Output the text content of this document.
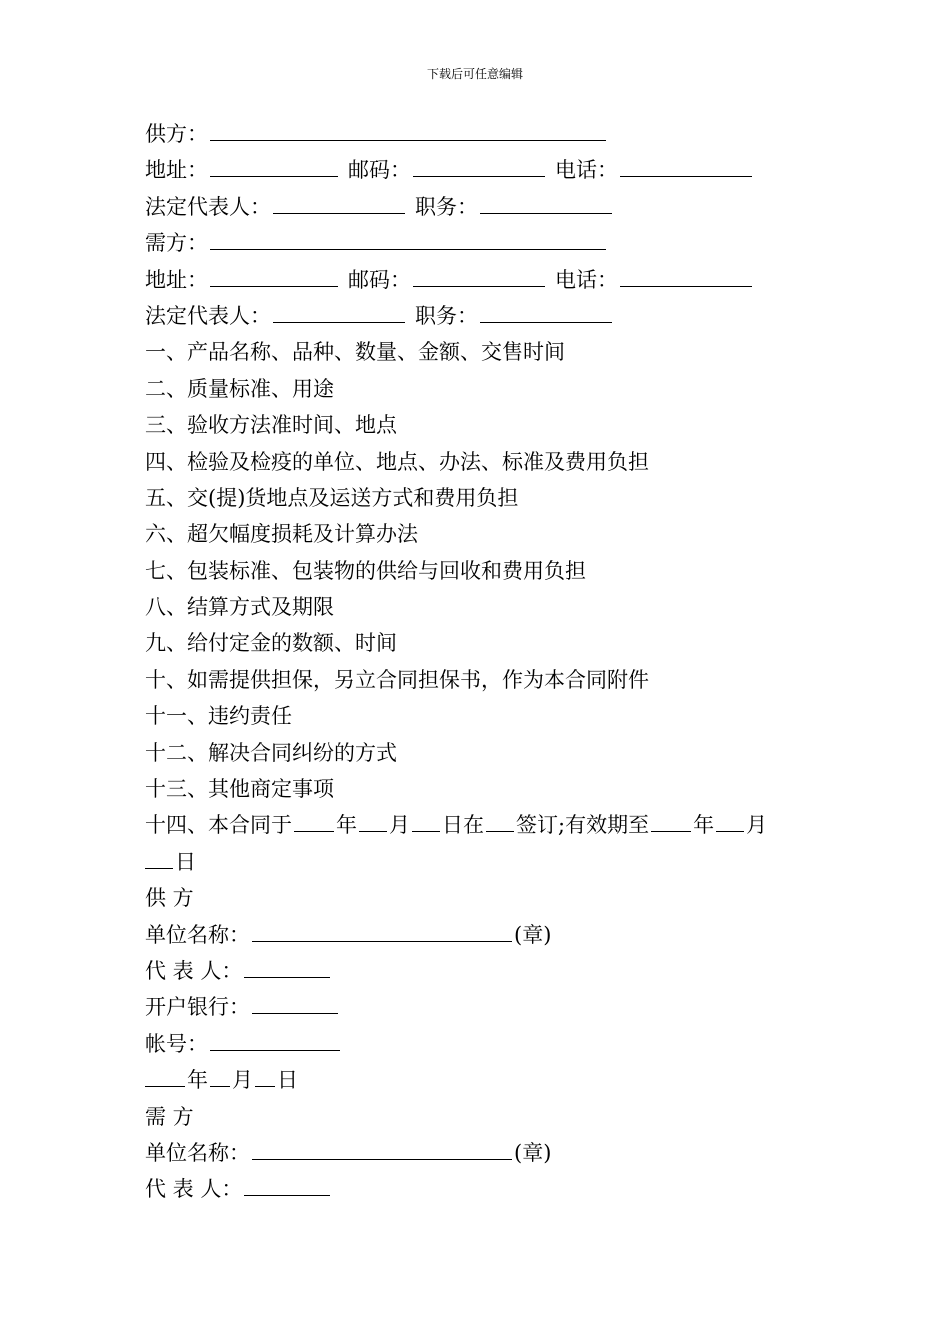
下载后可任意编辑
供方：
地址：	邮码：	电话：
法定代表人：	职务：
需方：
地址：	邮码：	电话：
法定代表人：	职务：
一、产品名称、品种、数量、金额、交售时间
二、质量标准、用途
三、验收方法准时间、地点
四、检验及检疫的单位、地点、办法、标准及费用负担
五、交(提)货地点及运送方式和费用负担
六、超欠幅度损耗及计算办法
七、包装标准、包装物的供给与回收和费用负担
八、结算方式及期限
九、给付定金的数额、时间
十、如需提供担保，另立合同担保书，作为本合同附件
十一、违约责任
十二、解决合同纠纷的方式
十三、其他商定事项
十四、本合同于 年 月 日在 签订;有效期至 年 月
日
供 方
单位名称：	(章)
代 表 人：
开户银行：
帐号：
年 月 日
需 方
单位名称：	(章)
代 表 人：
